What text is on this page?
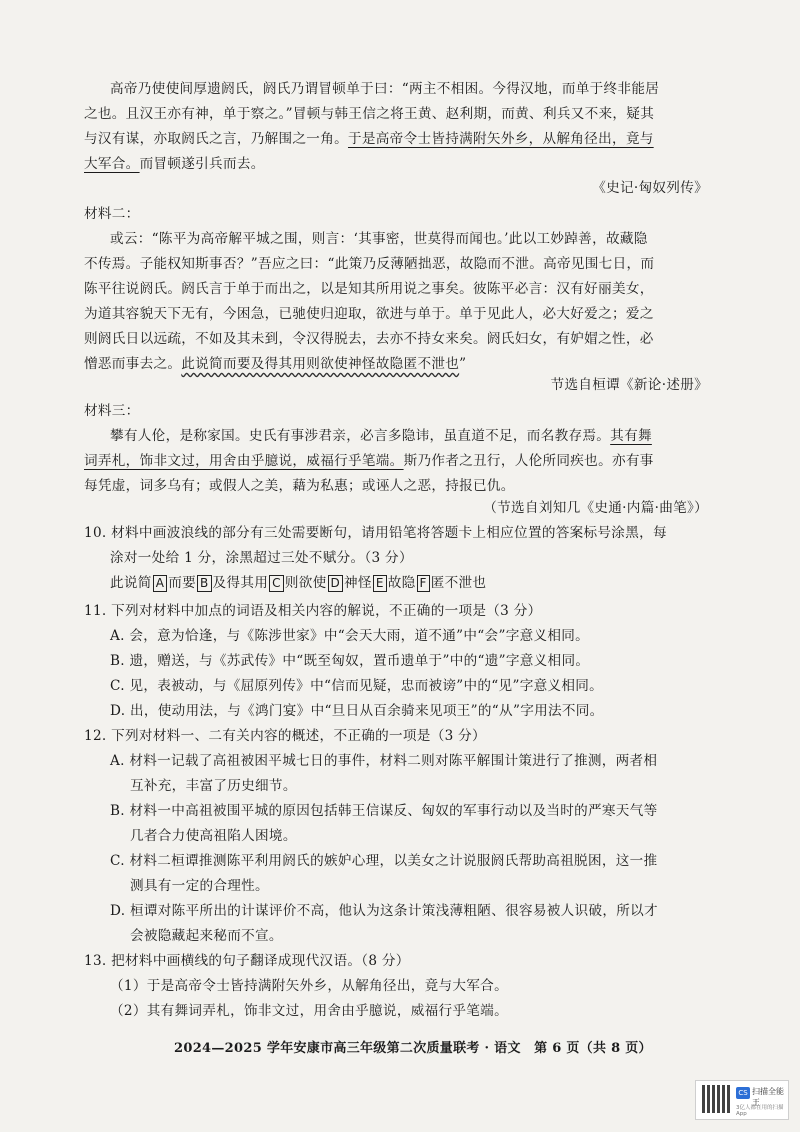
高帝乃使使间厚遗阏氏，阏氏乃谓冒顿单于曰：“两主不相困。今得汉地，而单于终非能居
之也。且汉王亦有神，单于察之。”冒顿与韩王信之将王黄、赵利期，而黄、利兵又不来，疑其
与汉有谋，亦取阏氏之言，乃解围之一角。于是高帝令士皆持满附矢外乡，从解角径出，竟与
大军合。而冒顿遂引兵而去。
《史记·匈奴列传》
材料二：
或云：“陈平为高帝解平城之围，则言：‘其事密，世莫得而闻也。’此以工妙踔善，故藏隐
不传焉。子能权知斯事否？”吾应之曰：“此策乃反薄陋拙恶，故隐而不泄。高帝见围七日，而
陈平往说阏氏。阏氏言于单于而出之，以是知其所用说之事矣。彼陈平必言：汉有好丽美女，
为道其容貌天下无有，今困急，已驰使归迎取，欲进与单于。单于见此人，必大好爱之；爱之
则阏氏日以远疏，不如及其未到，令汉得脱去，去亦不持女来矣。阏氏妇女，有妒媢之性，必
憎恶而事去之。此说简而要及得其用则欲使神怪故隐匿不泄也”
节选自桓谭《新论·述册》
材料三：
攀有人伦，是称家国。史氏有事涉君亲，必言多隐讳，虽直道不足，而名教存焉。其有舞
词弄札，饰非文过，用舍由乎臆说，威福行乎笔端。斯乃作者之丑行，人伦所同疾也。亦有事
每凭虚，词多乌有；或假人之美，藉为私惠；或诬人之恶，持报已仇。
（节选自刘知几《史通·内篇·曲笔》）
10. 材料中画波浪线的部分有三处需要断句，请用铅笔将答题卡上相应位置的答案标号涂黑，每
涂对一处给 1 分，涂黑超过三处不赋分。（3 分）
此说简 A 而要 B 及得其用 C 则欲使 D 神怪 E 故隐 F 匿不泄也
11. 下列对材料中加点的词语及相关内容的解说，不正确的一项是（3 分）
A. 会，意为恰逢，与《陈涉世家》中“会天大雨，道不通”中“会”字意义相同。
B. 遗，赠送，与《苏武传》中“既至匈奴，置币遗单于”中的“遗”字意义相同。
C. 见，表被动，与《屈原列传》中“信而见疑，忠而被谤”中的“见”字意义相同。
D. 出，使动用法，与《鸿门宴》中“旦日从百余骑来见项王”的“从”字用法不同。
12. 下列对材料一、二有关内容的概述，不正确的一项是（3 分）
A. 材料一记载了高祖被困平城七日的事件，材料二则对陈平解围计策进行了推测，两者相
互补充，丰富了历史细节。
B. 材料一中高祖被围平城的原因包括韩王信谋反、匈奴的军事行动以及当时的严寒天气等
几者合力使高祖陷人困境。
C. 材料二桓谭推测陈平利用阏氏的嫉妒心理，以美女之计说服阏氏帮助高祖脱困，这一推
测具有一定的合理性。
D. 桓谭对陈平所出的计谋评价不高，他认为这条计策浅薄粗陋、很容易被人识破，所以才
会被隐藏起来秘而不宣。
13. 把材料中画横线的句子翻译成现代汉语。（8 分）
（1）于是高帝令士皆持满附矢外乡，从解角径出，竟与大军合。
（2）其有舞词弄札，饰非文过，用舍由乎臆说，威福行乎笔端。
2024—2025 学年安康市高三年级第二次质量联考 · 语文　第 6 页（共 8 页）
CS 扫描全能王
3亿人都在用的扫描App
